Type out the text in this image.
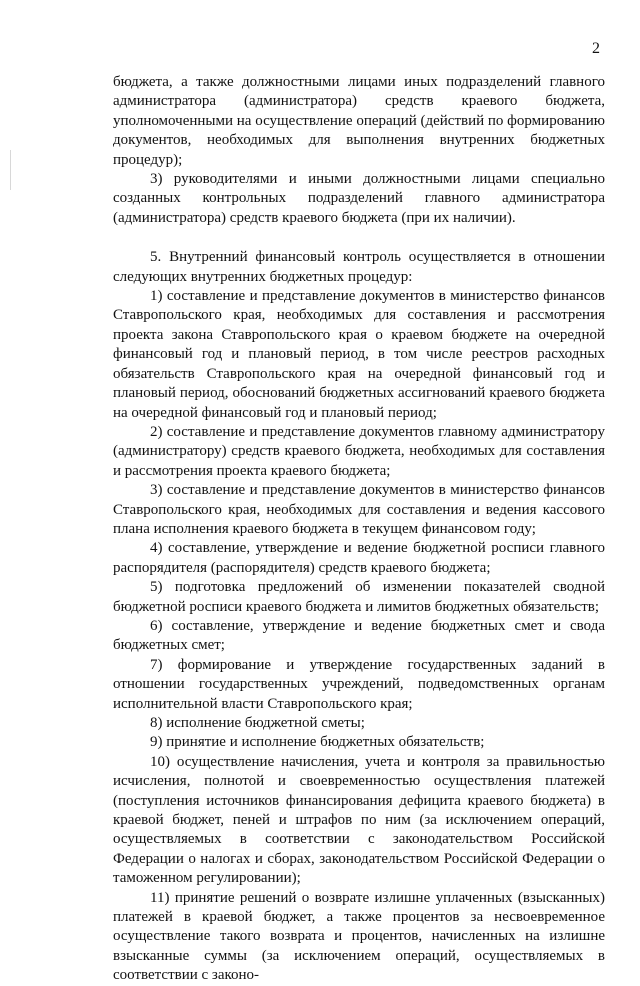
2

бюджета, а также должностными лицами иных подразделений главного администратора (администратора) средств краевого бюджета, уполномоченными на осуществление операций (действий по формированию документов, необходимых для выполнения внутренних бюджетных процедур);

3) руководителями и иными должностными лицами специально созданных контрольных подразделений главного администратора (администратора) средств краевого бюджета (при их наличии).

5. Внутренний финансовый контроль осуществляется в отношении следующих внутренних бюджетных процедур:

1) составление и представление документов в министерство финансов Ставропольского края, необходимых для составления и рассмотрения проекта закона Ставропольского края о краевом бюджете на очередной финансовый год и плановый период, в том числе реестров расходных обязательств Ставропольского края на очередной финансовый год и плановый период, обоснований бюджетных ассигнований краевого бюджета на очередной финансовый год и плановый период;

2) составление и представление документов главному администратору (администратору) средств краевого бюджета, необходимых для составления и рассмотрения проекта краевого бюджета;

3) составление и представление документов в министерство финансов Ставропольского края, необходимых для составления и ведения кассового плана исполнения краевого бюджета в текущем финансовом году;

4) составление, утверждение и ведение бюджетной росписи главного распорядителя (распорядителя) средств краевого бюджета;

5) подготовка предложений об изменении показателей сводной бюджетной росписи краевого бюджета и лимитов бюджетных обязательств;

6) составление, утверждение и ведение бюджетных смет и свода бюджетных смет;

7) формирование и утверждение государственных заданий в отношении государственных учреждений, подведомственных органам исполнительной власти Ставропольского края;

8) исполнение бюджетной сметы;

9) принятие и исполнение бюджетных обязательств;

10) осуществление начисления, учета и контроля за правильностью исчисления, полнотой и своевременностью осуществления платежей (поступления источников финансирования дефицита краевого бюджета) в краевой бюджет, пеней и штрафов по ним (за исключением операций, осуществляемых в соответствии с законодательством Российской Федерации о налогах и сборах, законодательством Российской Федерации о таможенном регулировании);

11) принятие решений о возврате излишне уплаченных (взысканных) платежей в краевой бюджет, а также процентов за несвоевременное осуществление такого возврата и процентов, начисленных на излишне взысканные суммы (за исключением операций, осуществляемых в соответствии с законо-
